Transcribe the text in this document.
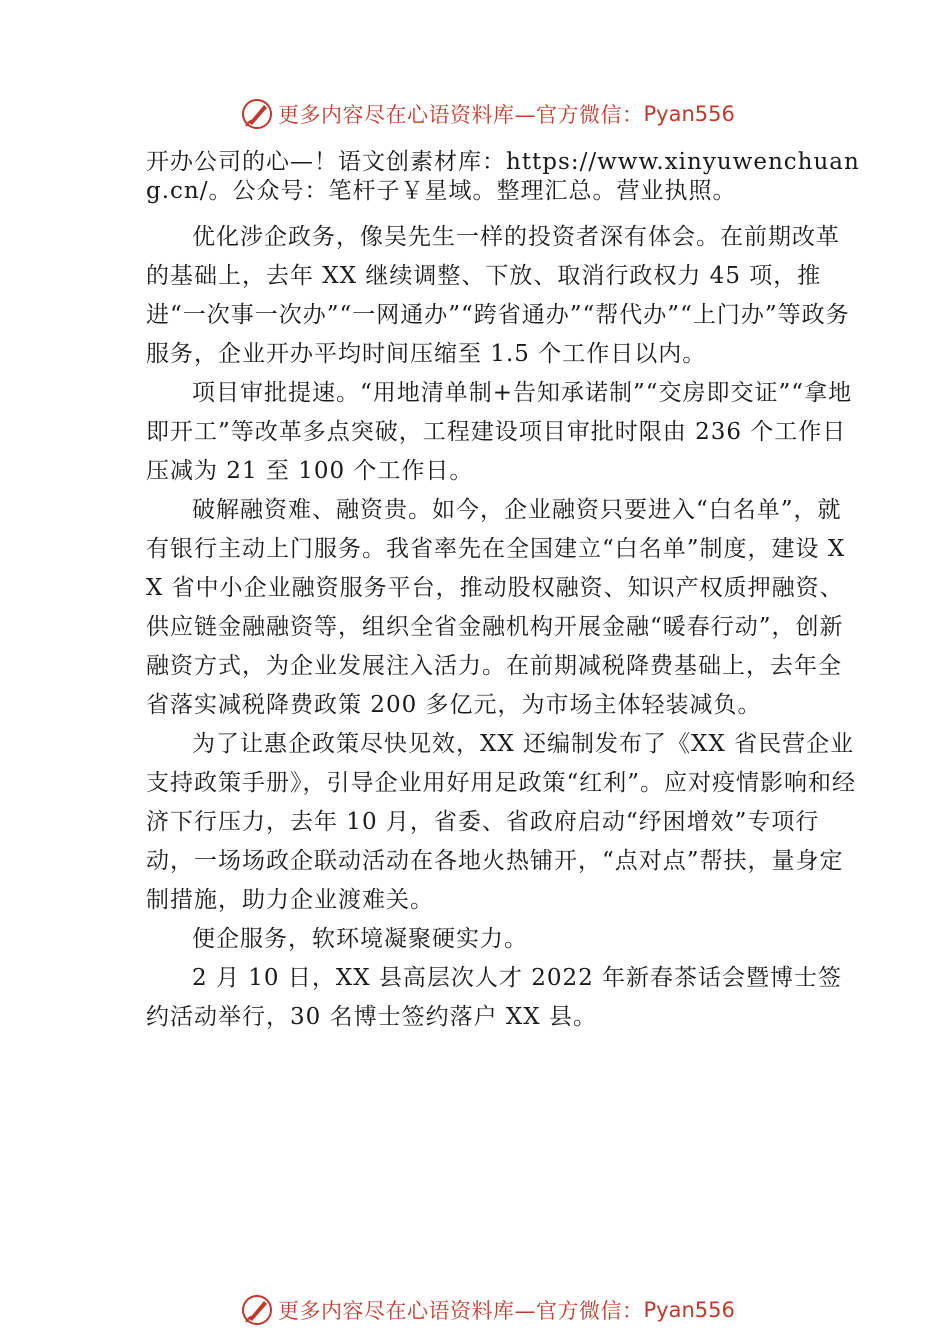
更多内容尽在心语资料库—官方微信： Pyan556

开办公司的心—！语文创素材库：https://www.xinyuwenchuang.cn/。公众号：笔杆子￥星域。整理汇总。营业执照。

优化涉企政务，像吴先生一样的投资者深有体会。在前期改革的基础上，去年 XX 继续调整、下放、取消行政权力 45 项，推进“一次事一次办”“一网通办”“跨省通办”“帮代办”“上门办”等政务服务，企业开办平均时间压缩至 1.5 个工作日以内。

项目审批提速。“用地清单制+告知承诺制”“交房即交证”“拿地即开工”等改革多点突破，工程建设项目审批时限由 236 个工作日压减为 21 至 100 个工作日。

破解融资难、融资贵。如今，企业融资只要进入“白名单”，就有银行主动上门服务。我省率先在全国建立“白名单”制度，建设 XX 省中小企业融资服务平台，推动股权融资、知识产权质押融资、供应链金融融资等，组织全省金融机构开展金融“暖春行动”，创新融资方式，为企业发展注入活力。在前期减税降费基础上，去年全省落实减税降费政策 200 多亿元，为市场主体轻装减负。

为了让惠企政策尽快见效，XX 还编制发布了《XX 省民营企业支持政策手册》，引导企业用好用足政策“红利”。应对疫情影响和经济下行压力，去年 10 月，省委、省政府启动“纾困增效”专项行动，一场场政企联动活动在各地火热铺开，“点对点”帮扶，量身定制措施，助力企业渡难关。

便企服务，软环境凝聚硬实力。

2 月 10 日，XX 县高层次人才 2022 年新春茶话会暨博士签约活动举行，30 名博士签约落户 XX 县。

更多内容尽在心语资料库—官方微信： Pyan556
